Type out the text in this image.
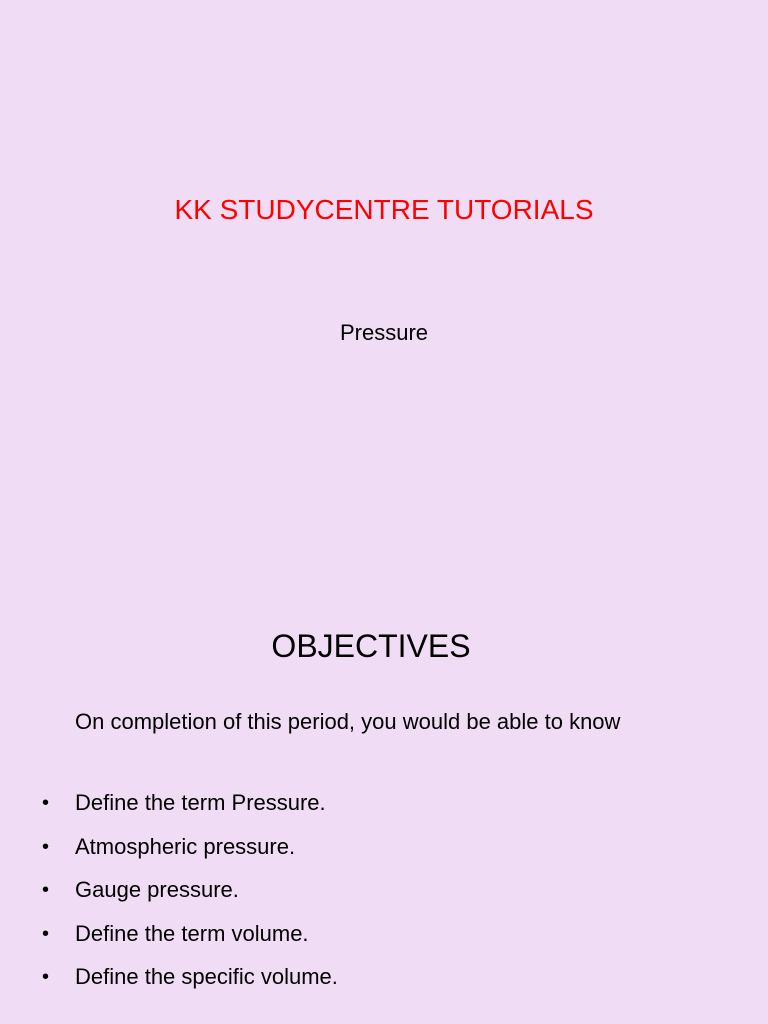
KK STUDYCENTRE TUTORIALS
Pressure
OBJECTIVES
On completion of this period, you would be able to know
•	Define the term Pressure.
•	Atmospheric pressure.
•	Gauge pressure.
•	Define the term volume.
•	Define the specific volume.
